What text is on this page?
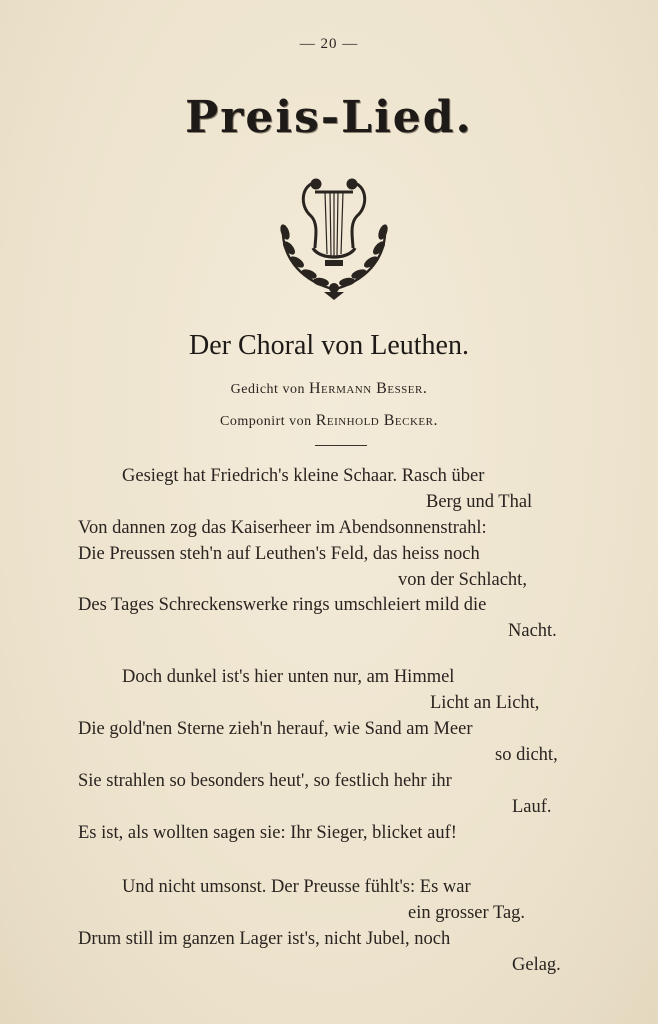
— 20 —
Preis-Lied.
Der Choral von Leuthen.
Gedicht von Hermann Besser.
Componirt von Reinhold Becker.
Gesiegt hat Friedrich's kleine Schaar. Rasch über
Berg und Thal
Von dannen zog das Kaiserheer im Abendsonnenstrahl:
Die Preussen steh'n auf Leuthen's Feld, das heiss noch
von der Schlacht,
Des Tages Schreckenswerke rings umschleiert mild die
Nacht.
Doch dunkel ist's hier unten nur, am Himmel
Licht an Licht,
Die gold'nen Sterne zieh'n herauf, wie Sand am Meer
so dicht,
Sie strahlen so besonders heut', so festlich hehr ihr
Lauf.
Es ist, als wollten sagen sie: Ihr Sieger, blicket auf!
Und nicht umsonst. Der Preusse fühlt's: Es war
ein grosser Tag.
Drum still im ganzen Lager ist's, nicht Jubel, noch
Gelag.
